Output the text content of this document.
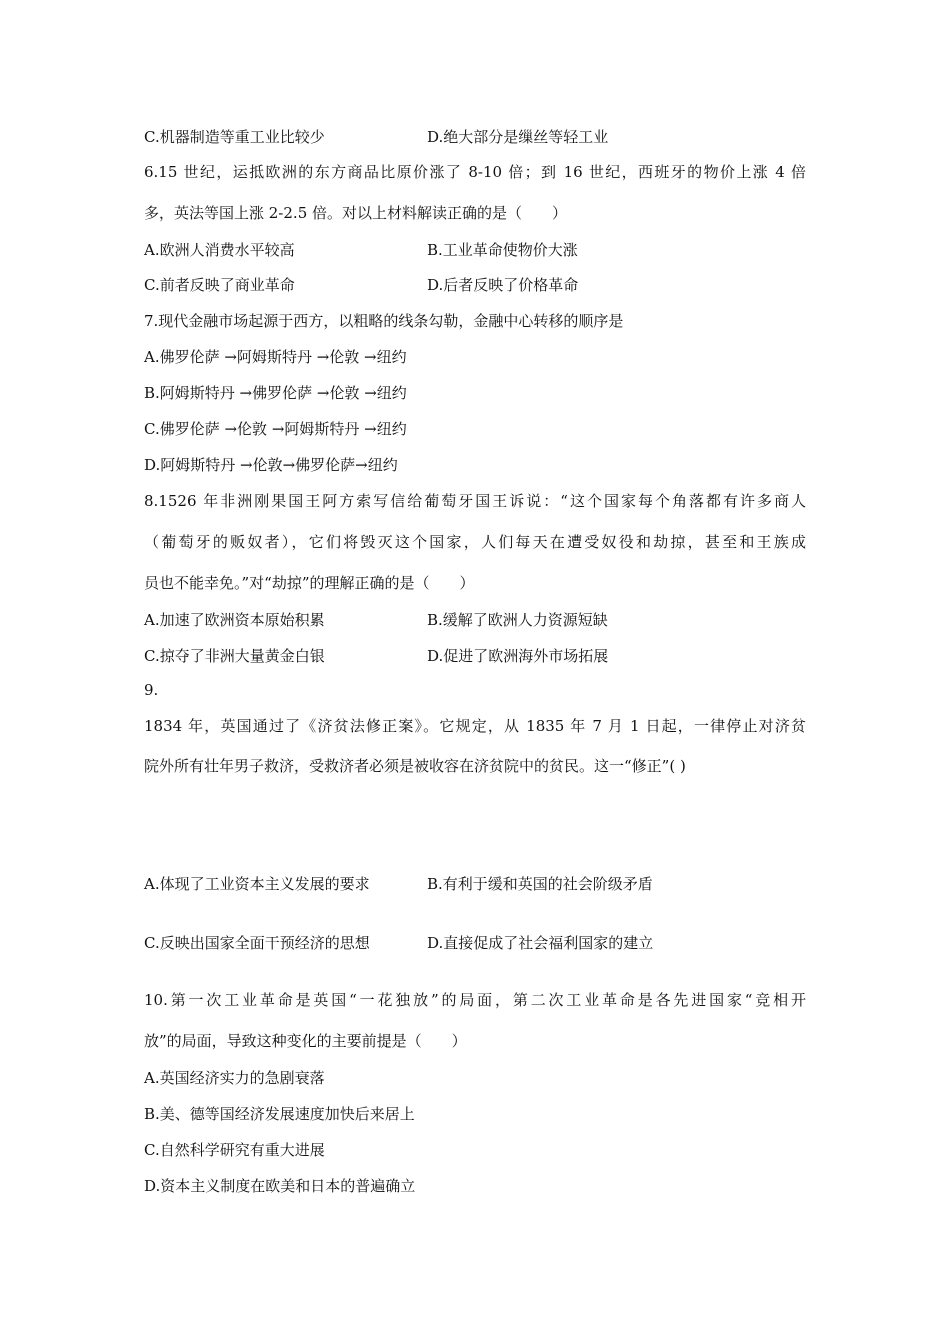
C.机器制造等重工业比较少	D.绝大部分是缫丝等轻工业
6.15 世纪，运抵欧洲的东方商品比原价涨了 8-10 倍；到 16 世纪，西班牙的物价上涨 4 倍
多，英法等国上涨 2-2.5 倍。对以上材料解读正确的是（　　）
A.欧洲人消费水平较高	B.工业革命使物价大涨
C.前者反映了商业革命	D.后者反映了价格革命
7.现代金融市场起源于西方，以粗略的线条勾勒，金融中心转移的顺序是
A.佛罗伦萨 →阿姆斯特丹 →伦敦 →纽约
B.阿姆斯特丹 →佛罗伦萨 →伦敦 →纽约
C.佛罗伦萨 →伦敦 →阿姆斯特丹 →纽约
D.阿姆斯特丹 →伦敦→佛罗伦萨→纽约
8.1526 年非洲刚果国王阿方索写信给葡萄牙国王诉说：“这个国家每个角落都有许多商人
（葡萄牙的贩奴者），它们将毁灭这个国家，人们每天在遭受奴役和劫掠，甚至和王族成
员也不能幸免。”对“劫掠”的理解正确的是（　　）
A.加速了欧洲资本原始积累	B.缓解了欧洲人力资源短缺
C.掠夺了非洲大量黄金白银	D.促进了欧洲海外市场拓展
9.
1834 年，英国通过了《济贫法修正案》。它规定，从 1835 年 7 月 1 日起，一律停止对济贫
院外所有壮年男子救济，受救济者必须是被收容在济贫院中的贫民。这一“修正”( )
A.体现了工业资本主义发展的要求	B.有利于缓和英国的社会阶级矛盾
C.反映出国家全面干预经济的思想	D.直接促成了社会福利国家的建立
10.第一次工业革命是英国“一花独放”的局面，第二次工业革命是各先进国家“竞相开
放”的局面，导致这种变化的主要前提是（　　）
A.英国经济实力的急剧衰落
B.美、德等国经济发展速度加快后来居上
C.自然科学研究有重大进展
D.资本主义制度在欧美和日本的普遍确立
